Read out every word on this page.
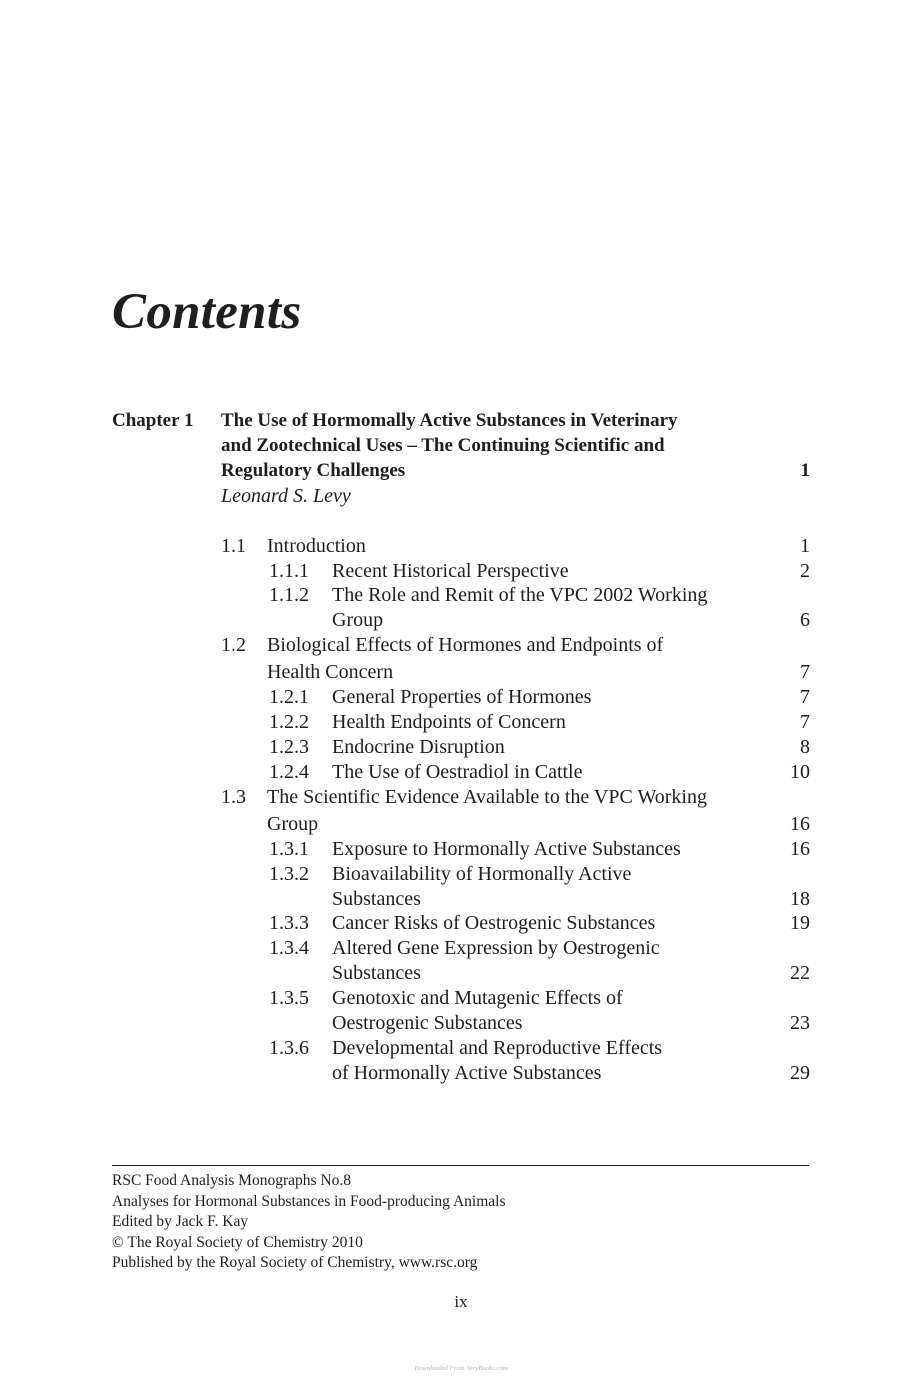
Contents
Chapter 1 The Use of Hormomally Active Substances in Veterinary
and Zootechnical Uses – The Continuing Scientific and
Regulatory Challenges	1
Leonard S. Levy
1.1 Introduction	1
1.1.1 Recent Historical Perspective	2
1.1.2 The Role and Remit of the VPC 2002 Working
Group	6
1.2 Biological Effects of Hormones and Endpoints of
Health Concern	7
1.2.1 General Properties of Hormones	7
1.2.2 Health Endpoints of Concern	7
1.2.3 Endocrine Disruption	8
1.2.4 The Use of Oestradiol in Cattle	10
1.3 The Scientific Evidence Available to the VPC Working
Group	16
1.3.1 Exposure to Hormonally Active Substances	16
1.3.2 Bioavailability of Hormonally Active
Substances	18
1.3.3 Cancer Risks of Oestrogenic Substances	19
1.3.4 Altered Gene Expression by Oestrogenic
Substances	22
1.3.5 Genotoxic and Mutagenic Effects of
Oestrogenic Substances	23
1.3.6 Developmental and Reproductive Effects
of Hormonally Active Substances	29
RSC Food Analysis Monographs No.8
Analyses for Hormonal Substances in Food-producing Animals
Edited by Jack F. Kay
© The Royal Society of Chemistry 2010
Published by the Royal Society of Chemistry, www.rsc.org
ix
Downloaded From VeryBooks.com
